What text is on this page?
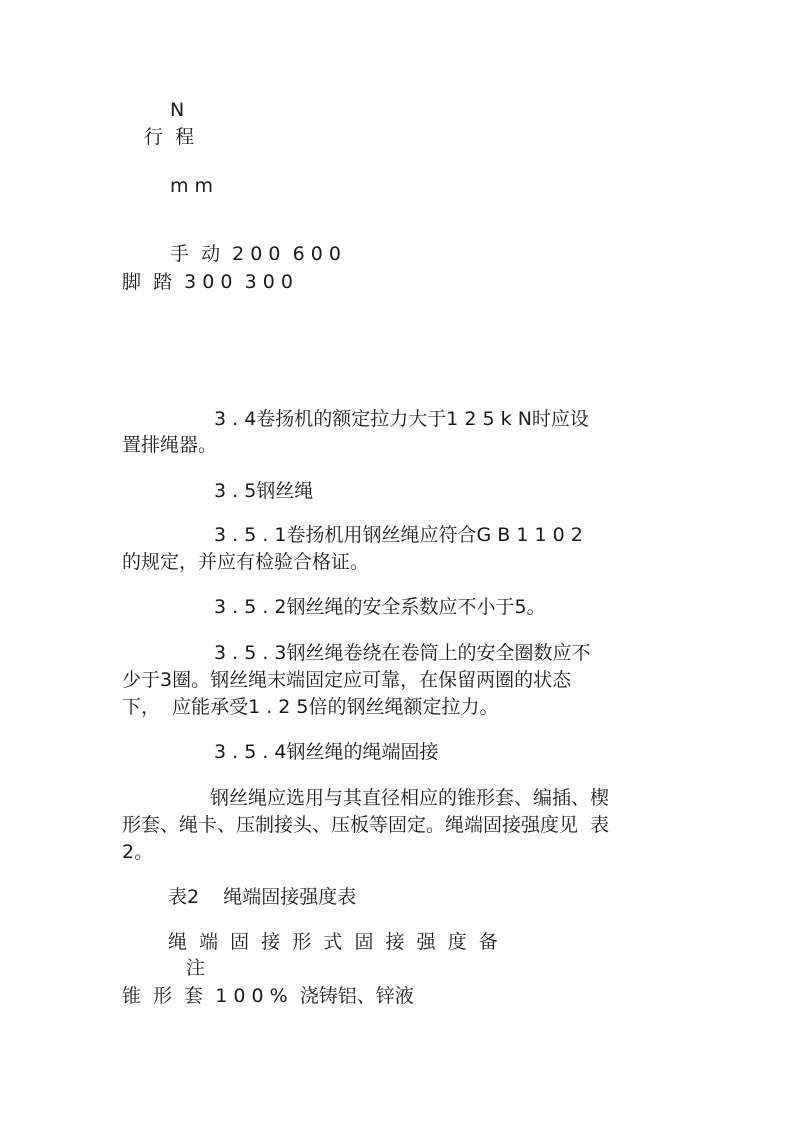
N

行  程

m m

手  动  2 0 0  6 0 0

脚  踏  3 0 0  3 0 0

3 . 4卷扬机的额定拉力大于1 2 5 k N时应设

置排绳器。

3 . 5钢丝绳

3 . 5 . 1卷扬机用钢丝绳应符合G B 1 1 0 2

的规定，并应有检验合格证。

3 . 5 . 2钢丝绳的安全系数应不小于5。

3 . 5 . 3钢丝绳卷绕在卷筒上的安全圈数应不

少于3圈。钢丝绳末端固定应可靠，在保留两圈的状态

下，  应能承受1 . 2 5倍的钢丝绳额定拉力。

3 . 5 . 4钢丝绳的绳端固接

钢丝绳应选用与其直径相应的锥形套、编插、楔

形套、绳卡、压制接头、压板等固定。绳端固接强度见  表

2。

表2    绳端固接强度表

绳  端  固  接  形  式  固  接  强  度  备

注

锥  形  套  1 0 0 %  浇铸铝、锌液
